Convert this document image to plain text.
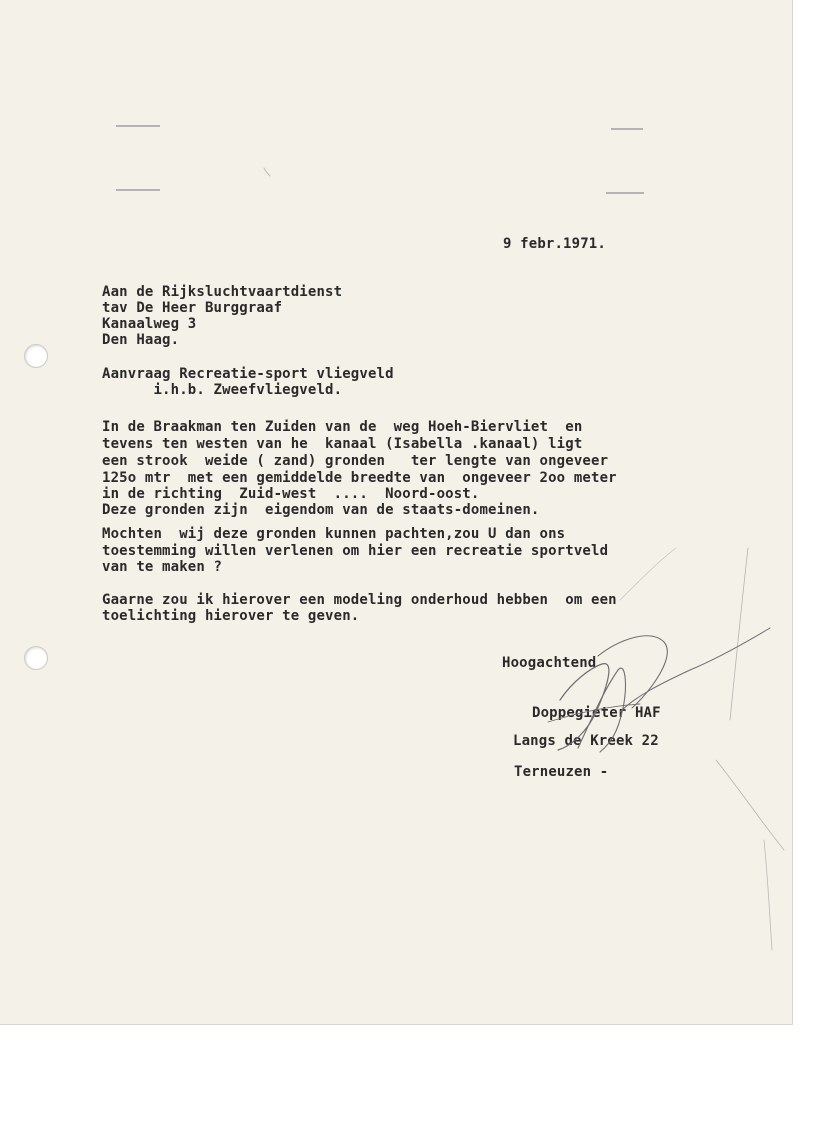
9 febr.1971.
Aan de Rijksluchtvaartdienst
tav De Heer Burggraaf
Kanaalweg 3
Den Haag.
Aanvraag Recreatie-sport vliegveld
i.h.b. Zweefvliegveld.
In de Braakman ten Zuiden van de  weg Hoeh-Biervliet  en
tevens ten westen van he  kanaal (Isabella .kanaal) ligt
een strook  weide ( zand) gronden   ter lengte van ongeveer
125o mtr  met een gemiddelde breedte van  ongeveer 2oo meter
in de richting  Zuid-west  ....  Noord-oost.
Deze gronden zijn  eigendom van de staats-domeinen.
Mochten  wij deze gronden kunnen pachten,zou U dan ons
toestemming willen verlenen om hier een recreatie sportveld
van te maken ?
Gaarne zou ik hierover een modeling onderhoud hebben  om een
toelichting hierover te geven.
Hoogachtend
Doppegieter HAF
Langs de Kreek 22
Terneuzen -
